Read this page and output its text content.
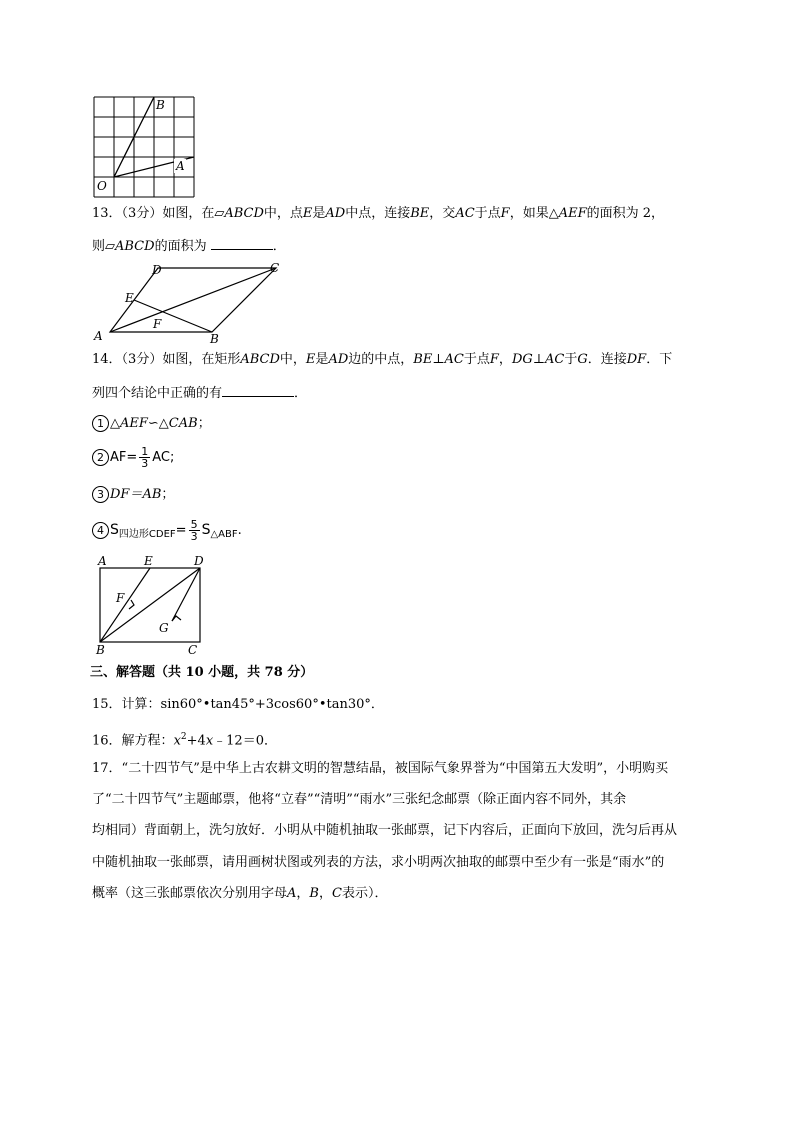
B
A
O
13．（3分）如图，在▱ABCD中，点E是AD中点，连接BE，交AC于点F，如果△AEF的面积为 2，
则▱ABCD的面积为	．
D	C
E
F
A	B
14．（3分）如图，在矩形ABCD中，E是AD边的中点，BE⊥AC于点F，DG⊥AC于G．连接DF．下
列四个结论中正确的有	．
1 △AEF∽△CAB；
2 $AF= \frac{1}{3}$ AC;
3 DF＝AB；
4 $S_{四边形CDEF}= \frac{5}{3} S_{\triangle ABF}$.
A	E	D
F
G
B	C
三、解答题（共 10 小题，共 78 分）
15．计算：sin60°•tan45°+3cos60°•tan30°．
16．解方程：$x^2+4x﹣12=0$．
17．“二十四节气”是中华上古农耕文明的智慧结晶，被国际气象界誉为“中国第五大发明”，小明购买
了“二十四节气”主题邮票，他将“立春”“清明”“雨水”三张纪念邮票（除正面内容不同外，其余
均相同）背面朝上，洗匀放好．小明从中随机抽取一张邮票，记下内容后，正面向下放回，洗匀后再从
中随机抽取一张邮票，请用画树状图或列表的方法，求小明两次抽取的邮票中至少有一张是“雨水”的
概率（这三张邮票依次分别用字母A，B，C表示）．
